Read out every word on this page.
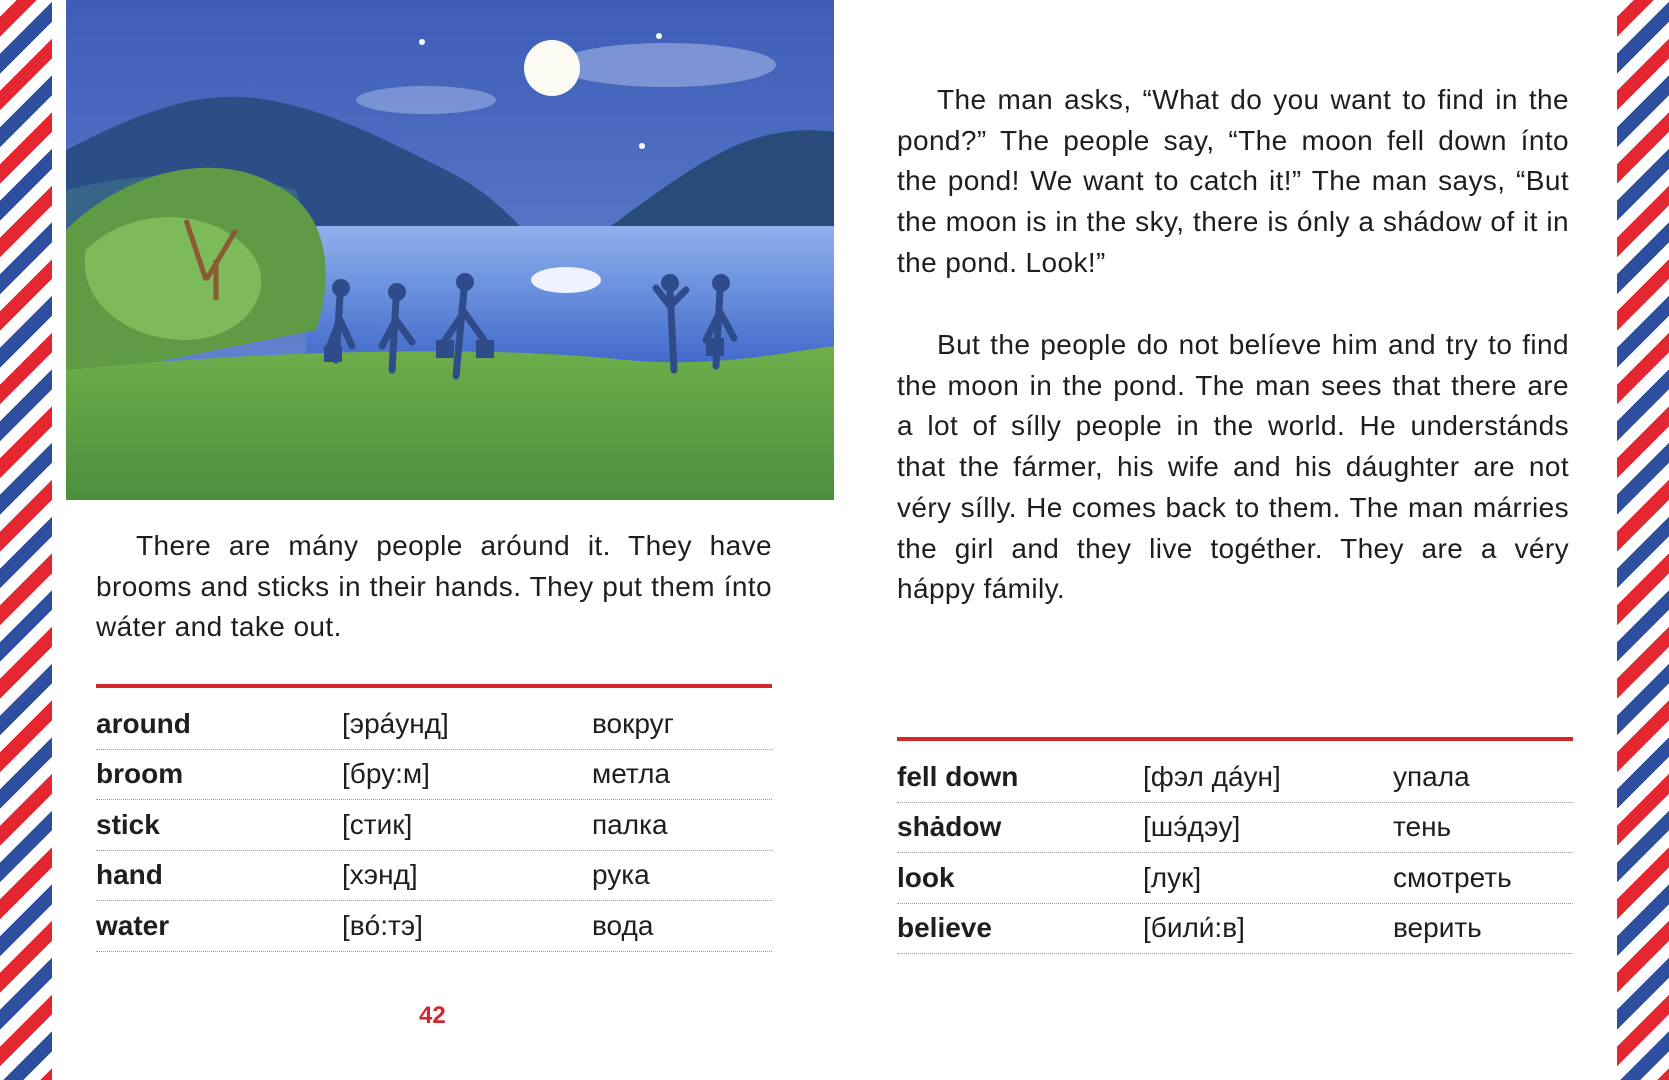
There are mány people aróund it. They have brooms and sticks in their hands. They put them ínto wáter and take out.

around	[эрáунд]	вокруг
broom	[бру:м]	метла
stick	[стик]	палка
hand	[хэнд]	рука
water	[вó:тэ]	вода
42

The man asks, “What do you want to find in the pond?” The people say, “The moon fell down ínto the pond! We want to catch it!” The man says, “But the moon is in the sky, there is ónly a shádow of it in the pond. Look!”

But the people do not belíeve him and try to find the moon in the pond. The man sees that there are a lot of sílly people in the world. He understánds that the fármer, his wife and his dáughter are not véry sílly. He comes back to them. The man márries the girl and they live togéther. They are a véry háppy fámily.

fell down	[фэл дáун]	упала
shȧdow	[шэ́дэу]	тень
look	[лук]	смотреть
believe	[били́:в]	верить
